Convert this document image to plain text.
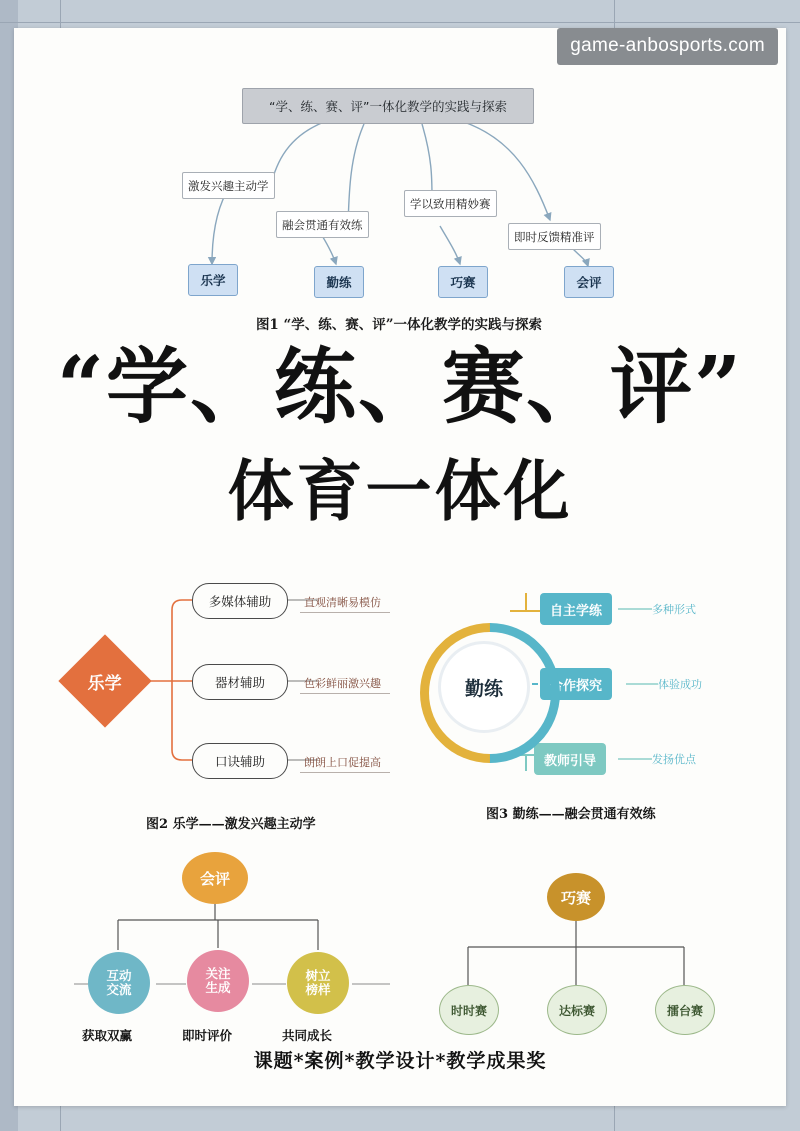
“学、练、赛、评”一体化教学的实践与探索
激发兴趣主动学
融会贯通有效练
学以致用精妙赛
即时反馈精准评
乐学	勤练	巧赛	会评
图1 “学、练、赛、评”一体化教学的实践与探索
“学、练、赛、评”
体育一体化
乐学
多媒体辅助
器材辅助
口诀辅助
直观清晰易模仿
色彩鲜丽激兴趣
朗朗上口促提高
图2 乐学——激发兴趣主动学
勤练
自主学练
合作探究
教师引导
多种形式
体验成功
发扬优点
图3 勤练——融会贯通有效练
会评
互动
交流
关注
生成
树立
榜样
获取双赢	即时评价	共同成长
巧赛
时时赛	达标赛	擂台赛
课题*案例*教学设计*教学成果奖
game-anbosports.com
